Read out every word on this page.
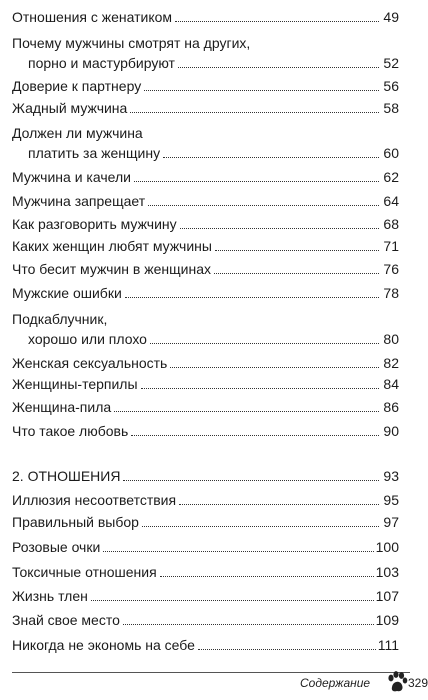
Отношения с женатиком	49
Почему мужчины смотрят на других,
порно и мастурбируют	52
Доверие к партнеру	56
Жадный мужчина	58
Должен ли мужчина
платить за женщину	60
Мужчина и качели	62
Мужчина запрещает	64
Как разговорить мужчину	68
Каких женщин любят мужчины	71
Что бесит мужчин в женщинах	76
Мужские ошибки	78
Подкаблучник,
хорошо или плохо	80
Женская сексуальность	82
Женщины-терпилы	84
Женщина-пила	86
Что такое любовь	90
2. ОТНОШЕНИЯ	93
Иллюзия несоответствия	95
Правильный выбор	97
Розовые очки	100
Токсичные отношения	103
Жизнь тлен	107
Знай свое место	109
Никогда не экономь на себе	111
Содержание	329
